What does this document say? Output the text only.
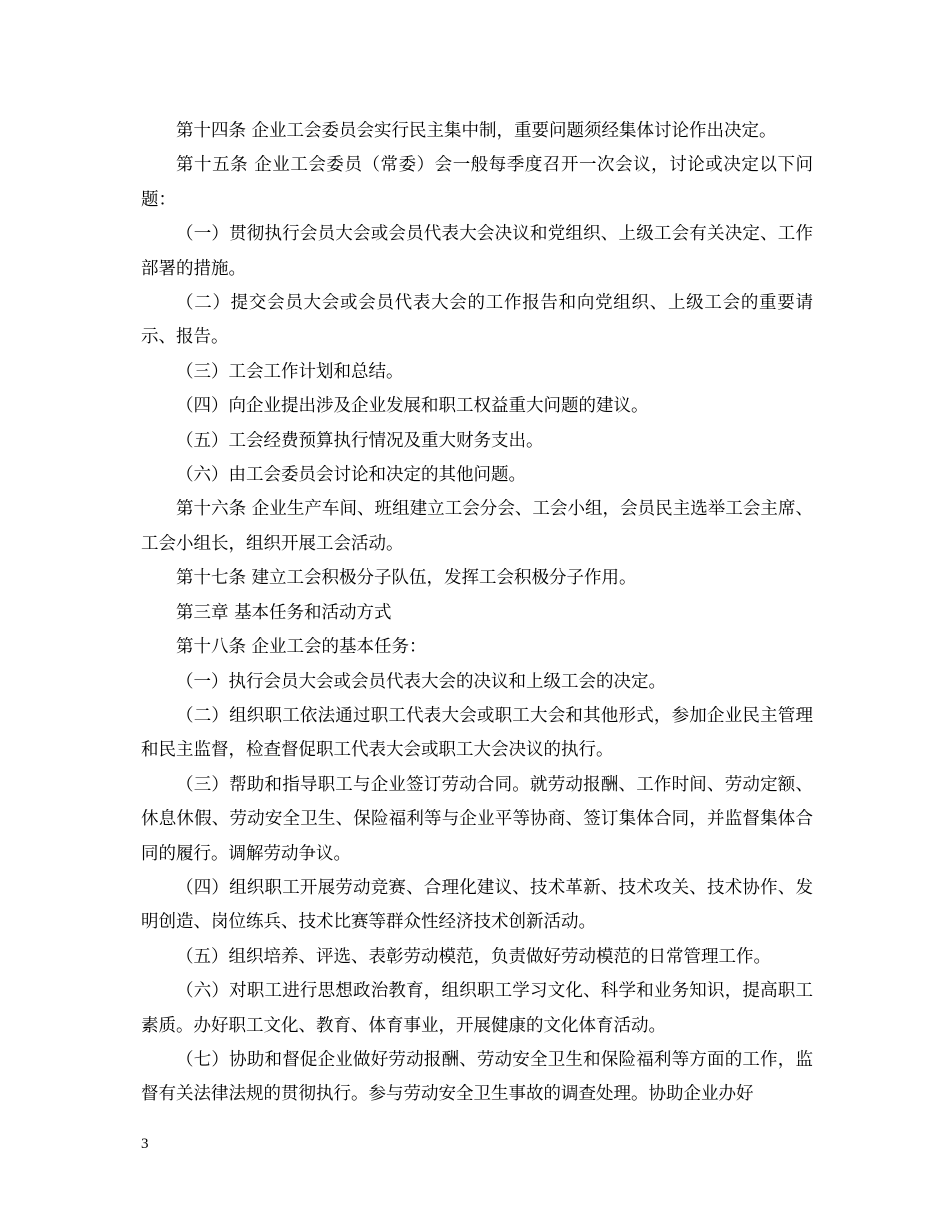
第十四条 企业工会委员会实行民主集中制，重要问题须经集体讨论作出决定。

第十五条 企业工会委员（常委）会一般每季度召开一次会议，讨论或决定以下问题：

（一）贯彻执行会员大会或会员代表大会决议和党组织、上级工会有关决定、工作部署的措施。

（二）提交会员大会或会员代表大会的工作报告和向党组织、上级工会的重要请示、报告。

（三）工会工作计划和总结。

（四）向企业提出涉及企业发展和职工权益重大问题的建议。

（五）工会经费预算执行情况及重大财务支出。

（六）由工会委员会讨论和决定的其他问题。

第十六条 企业生产车间、班组建立工会分会、工会小组，会员民主选举工会主席、工会小组长，组织开展工会活动。

第十七条 建立工会积极分子队伍，发挥工会积极分子作用。

第三章 基本任务和活动方式

第十八条 企业工会的基本任务：

（一）执行会员大会或会员代表大会的决议和上级工会的决定。

（二）组织职工依法通过职工代表大会或职工大会和其他形式，参加企业民主管理和民主监督，检查督促职工代表大会或职工大会决议的执行。

（三）帮助和指导职工与企业签订劳动合同。就劳动报酬、工作时间、劳动定额、休息休假、劳动安全卫生、保险福利等与企业平等协商、签订集体合同，并监督集体合同的履行。调解劳动争议。

（四）组织职工开展劳动竞赛、合理化建议、技术革新、技术攻关、技术协作、发明创造、岗位练兵、技术比赛等群众性经济技术创新活动。

（五）组织培养、评选、表彰劳动模范，负责做好劳动模范的日常管理工作。

（六）对职工进行思想政治教育，组织职工学习文化、科学和业务知识，提高职工素质。办好职工文化、教育、体育事业，开展健康的文化体育活动。

（七）协助和督促企业做好劳动报酬、劳动安全卫生和保险福利等方面的工作，监督有关法律法规的贯彻执行。参与劳动安全卫生事故的调查处理。协助企业办好

3
